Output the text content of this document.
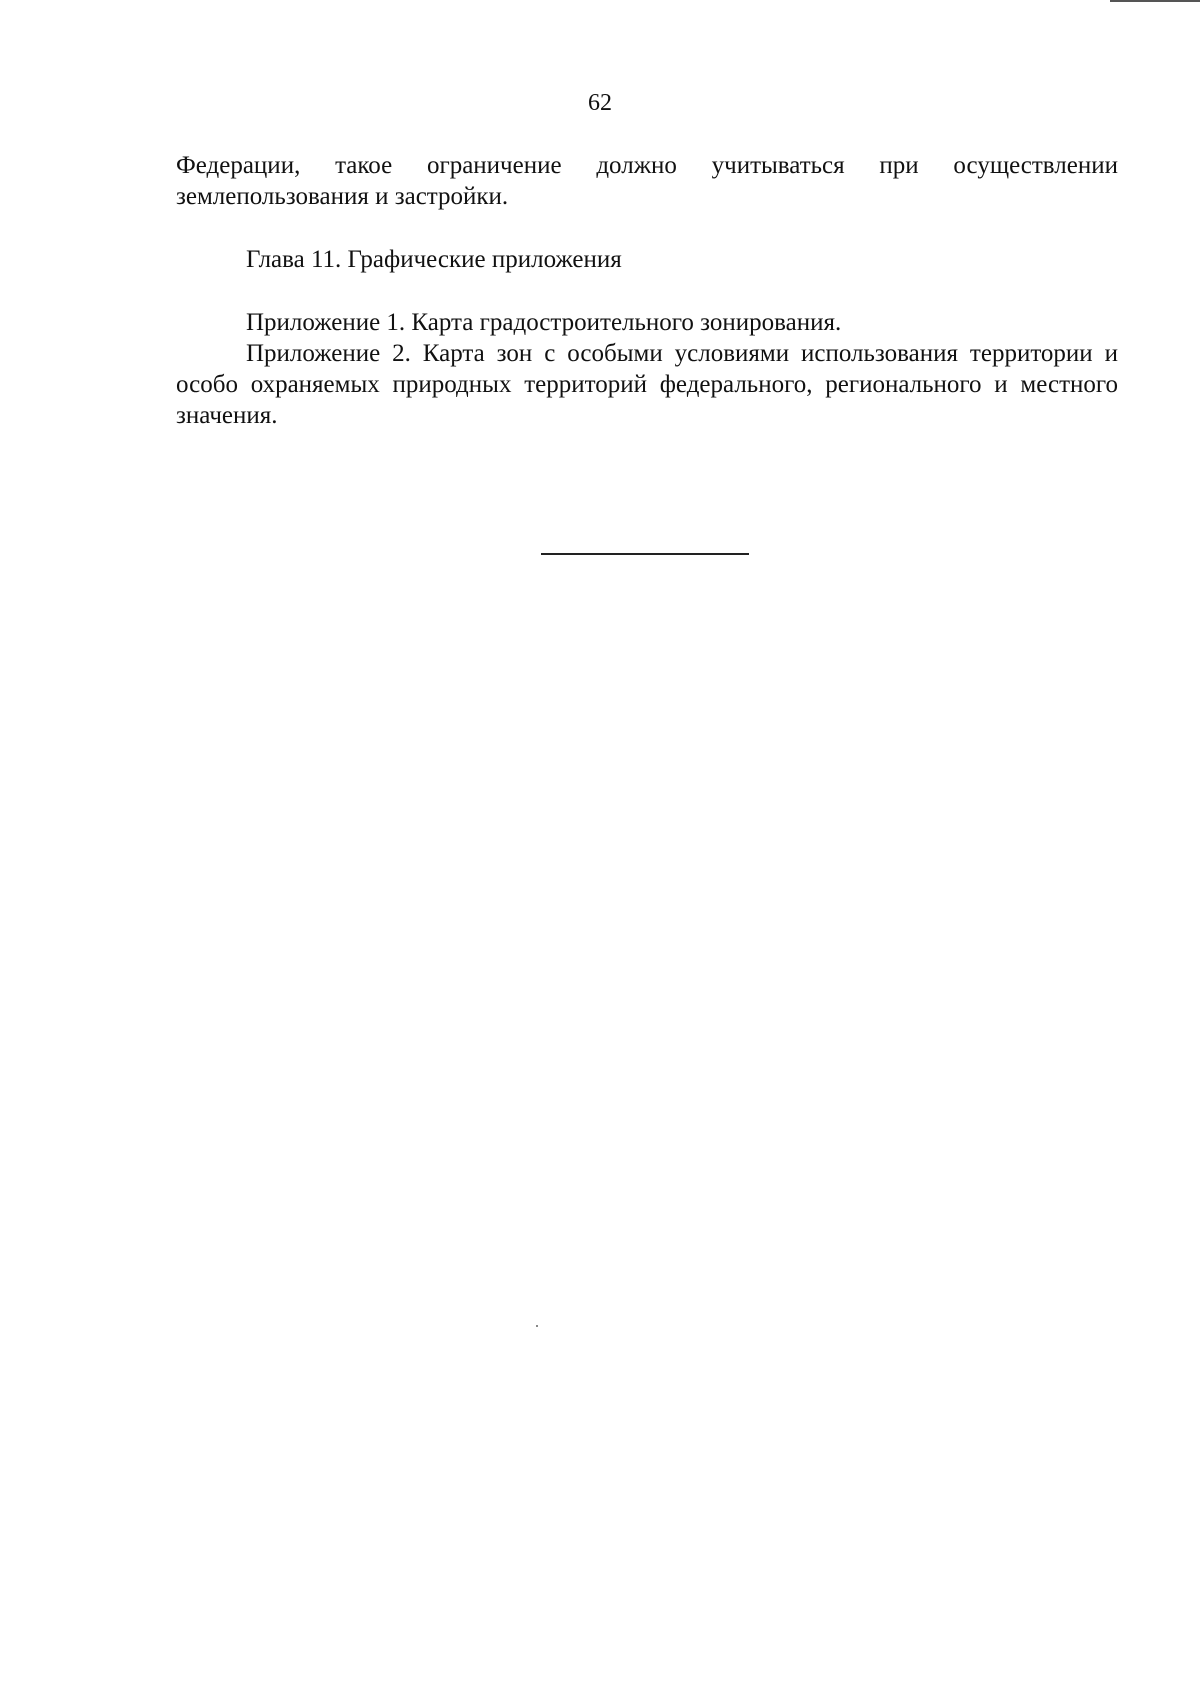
62

Федерации, такое ограничение должно учитываться при осуществлении землепользования и застройки.

Глава 11. Графические приложения

Приложение 1. Карта градостроительного зонирования.

Приложение 2. Карта зон с особыми условиями использования территории и особо охраняемых природных территорий федерального, регионального и местного значения.
